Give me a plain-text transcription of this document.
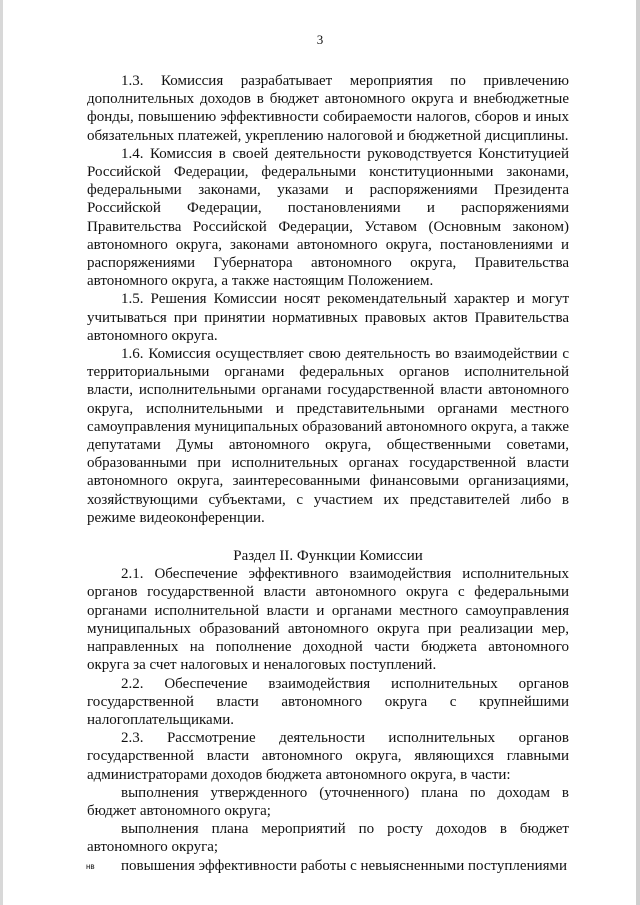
3

1.3. Комиссия разрабатывает мероприятия по привлечению дополнительных доходов в бюджет автономного округа и внебюджетные фонды, повышению эффективности собираемости налогов, сборов и иных обязательных платежей, укреплению налоговой и бюджетной дисциплины.

1.4. Комиссия в своей деятельности руководствуется Конституцией Российской Федерации, федеральными конституционными законами, федеральными законами, указами и распоряжениями Президента Российской Федерации, постановлениями и распоряжениями Правительства Российской Федерации, Уставом (Основным законом) автономного округа, законами автономного округа, постановлениями и распоряжениями Губернатора автономного округа, Правительства автономного округа, а также настоящим Положением.

1.5. Решения Комиссии носят рекомендательный характер и могут учитываться при принятии нормативных правовых актов Правительства автономного округа.

1.6. Комиссия осуществляет свою деятельность во взаимодействии с территориальными органами федеральных органов исполнительной власти, исполнительными органами государственной власти автономного округа, исполнительными и представительными органами местного самоуправления муниципальных образований автономного округа, а также депутатами Думы автономного округа, общественными советами, образованными при исполнительных органах государственной власти автономного округа, заинтересованными финансовыми организациями, хозяйствующими субъектами, с участием их представителей либо в режиме видеоконференции.

Раздел II. Функции Комиссии

2.1. Обеспечение эффективного взаимодействия исполнительных органов государственной власти автономного округа с федеральными органами исполнительной власти и органами местного самоуправления муниципальных образований автономного округа при реализации мер, направленных на пополнение доходной части бюджета автономного округа за счет налоговых и неналоговых поступлений.

2.2. Обеспечение взаимодействия исполнительных органов государственной власти автономного округа с крупнейшими налогоплательщиками.

2.3. Рассмотрение деятельности исполнительных органов государственной власти автономного округа, являющихся главными администраторами доходов бюджета автономного округа, в части:

выполнения утвержденного (уточненного) плана по доходам в бюджет автономного округа;

выполнения плана мероприятий по росту доходов в бюджет автономного округа;

повышения эффективности работы с невыясненными поступлениями

нв
